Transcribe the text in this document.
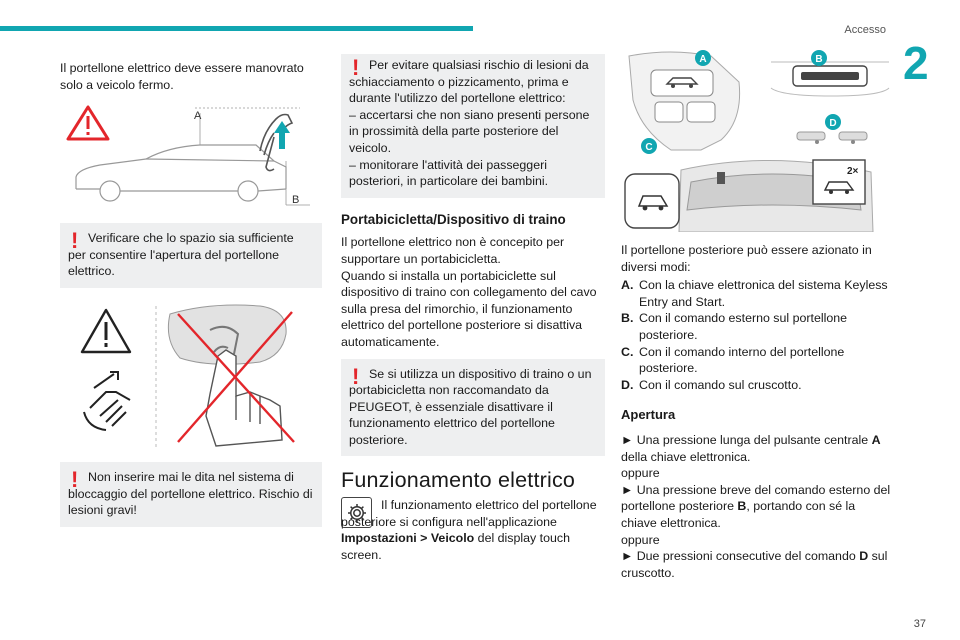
Accesso
2
37

Il portellone elettrico deve essere manovrato solo a veicolo fermo.

A
B
! Verificare che lo spazio sia sufficiente per consentire l'apertura del portellone elettrico.
! Non inserire mai le dita nel sistema di bloccaggio del portellone elettrico. Rischio di lesioni gravi!
! Per evitare qualsiasi rischio di lesioni da schiacciamento o pizzicamento, prima e durante l'utilizzo del portellone elettrico:
– accertarsi che non siano presenti persone in prossimità della parte posteriore del veicolo.
– monitorare l'attività dei passeggeri posteriori, in particolare dei bambini.
Portabicicletta/Dispositivo di traino

Il portellone elettrico non è concepito per supportare un portabicicletta.

Quando si installa un portabiciclette sul dispositivo di traino con collegamento del cavo sulla presa del rimorchio, il funzionamento elettrico del portellone posteriore si disattiva automaticamente.

! Se si utilizza un dispositivo di traino o un portabicicletta non raccomandato da PEUGEOT, è essenziale disattivare il funzionamento elettrico del portellone posteriore.
Funzionamento elettrico
Il funzionamento elettrico del portellone posteriore si configura nell'applicazione Impostazioni > Veicolo del display touch screen.
A	B
D
C
2×

Il portellone posteriore può essere azionato in diversi modi:

A. Con la chiave elettronica del sistema Keyless Entry and Start.
B. Con il comando esterno sul portellone posteriore.
C. Con il comando interno del portellone posteriore.
D. Con il comando sul cruscotto.
Apertura

► Una pressione lunga del pulsante centrale A della chiave elettronica.

oppure

► Una pressione breve del comando esterno del portellone posteriore B, portando con sé la chiave elettronica.

oppure

► Due pressioni consecutive del comando D sul cruscotto.
